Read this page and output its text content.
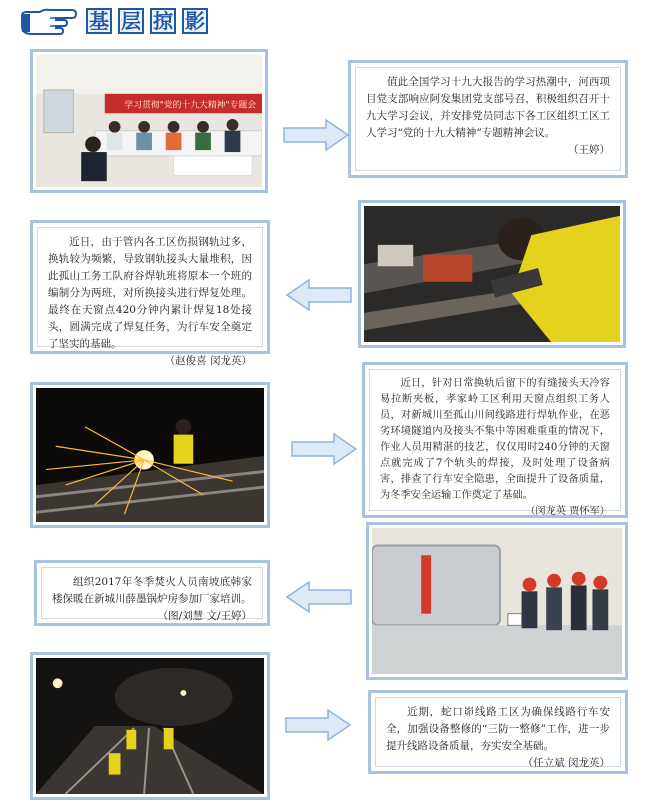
基 层 掠 影
学习贯彻"党的十九大精神"专题会

值此全国学习十九大报告的学习热潮中，河西项目党支部响应阿发集团党支部号召，积极组织召开十九大学习会议，并安排党员同志下各工区组织工区工人学习“党的十九大精神”专题精神会议。

（王婷）

近日，由于管内各工区伤损钢轨过多，换轨较为频繁，导致钢轨接头大量堆积，因此孤山工务工队府谷焊轨班将原本一个班的编制分为两班，对所换接头进行焊复处理。最终在天窗点420分钟内累计焊复18处接头，圆满完成了焊复任务，为行车安全奠定了坚实的基础。

（赵俊喜 闵龙英）

近日，针对日常换轨后留下的有缝接头天冷容易拉断夹板，孝家岭工区利用天窗点组织工务人员，对新城川至孤山川间线路进行焊轨作业，在恶劣环境隧道内及接头不集中等困难重重的情况下，作业人员用精湛的技艺，仅仅用时240分钟的天窗点就完成了7个轨头的焊接，及时处理了设备病害，排查了行车安全隐患，全面提升了设备质量，为冬季安全运输工作奠定了基础。

（闵龙英 贾怀军）

组织2017年冬季焚火人员南坡底韩家楼保暖在新城川薛墨锅炉房参加厂家培训。

（图/刘慧 文/王婷）

近期，蛇口峁线路工区为确保线路行车安全，加强设备整修的“三防一整修”工作，进一步提升线路设备质量，夯实安全基础。

（任立斌 闵龙英）
